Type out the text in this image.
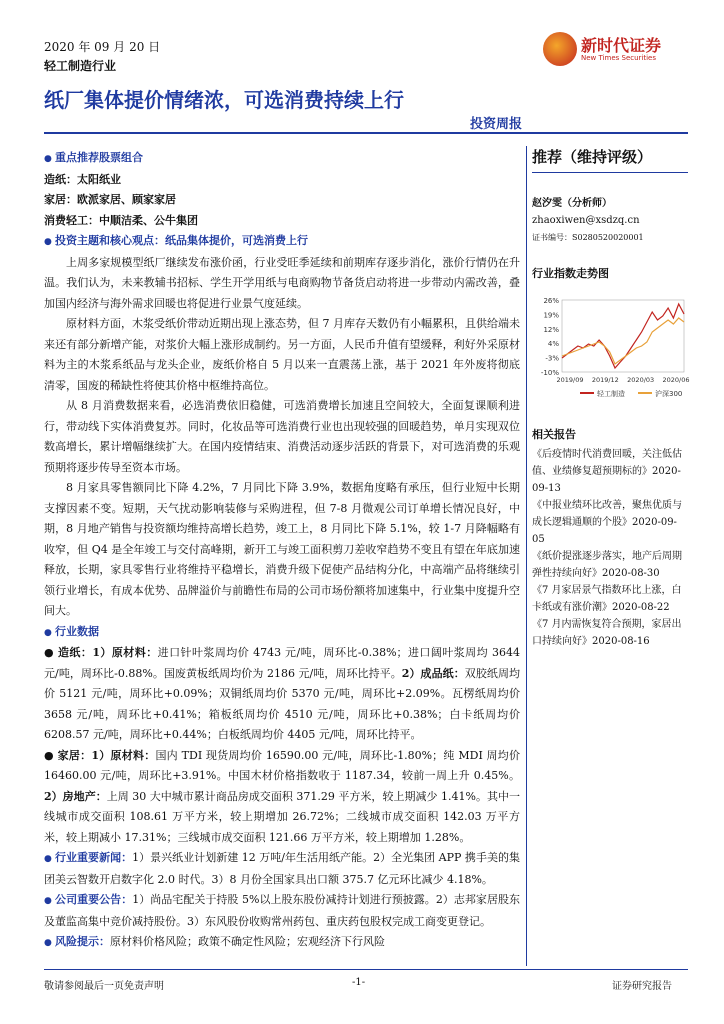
2020 年 09 月 20 日
轻工制造行业
纸厂集体提价情绪浓，可选消费持续上行
投资周报
新时代证券
New Times Securities
● 重点推荐股票组合

造纸：太阳纸业

家居：欧派家居、顾家家居

消费轻工：中顺洁柔、公牛集团

● 投资主题和核心观点：纸品集体提价，可选消费上行

上周多家规模型纸厂继续发布涨价函，行业受旺季延续和前期库存逐步消化，涨价行情仍在升温。我们认为，未来教辅书招标、学生开学用纸与电商购物节备货启动将进一步带动内需改善，叠加国内经济与海外需求回暖也将促进行业景气度延续。

原材料方面，木浆受纸价带动近期出现上涨态势，但 7 月库存天数仍有小幅累积，且供给端未来还有部分新增产能，对浆价大幅上涨形成制约。另一方面，人民币升值有望缓释，利好外采原材料为主的木浆系纸品与龙头企业，废纸价格自 5 月以来一直震荡上涨，基于 2021 年外废将彻底清零，国废的稀缺性将使其价格中枢维持高位。

从 8 月消费数据来看，必选消费依旧稳健，可选消费增长加速且空间较大，全面复课顺利进行，带动线下实体消费复苏。同时，化妆品等可选消费行业也出现较强的回暖趋势，单月实现双位数高增长，累计增幅继续扩大。在国内疫情结束、消费活动逐步活跃的背景下，对可选消费的乐观预期将逐步传导至资本市场。

8 月家具零售额同比下降 4.2%，7 月同比下降 3.9%，数据角度略有承压，但行业短中长期支撑因素不变。短期，天气扰动影响装修与采购进程，但 7-8 月微观公司订单增长情况良好，中期，8 月地产销售与投资额均维持高增长趋势，竣工上，8 月同比下降 5.1%，较 1-7 月降幅略有收窄，但 Q4 是全年竣工与交付高峰期，新开工与竣工面积剪刀差收窄趋势不变且有望在年底加速释放，长期，家具零售行业将维持平稳增长，消费升级下促使产品结构分化，中高端产品将继续引领行业增长，有成本优势、品牌溢价与前瞻性布局的公司市场份额将加速集中，行业集中度提升空间大。

● 行业数据

● 造纸：1）原材料：进口针叶浆周均价 4743 元/吨，周环比-0.38%；进口阔叶浆周均 3644 元/吨，周环比-0.88%。国废黄板纸周均价为 2186 元/吨，周环比持平。2）成品纸：双胶纸周均价 5121 元/吨，周环比+0.09%；双铜纸周均价 5370 元/吨，周环比+2.09%。瓦楞纸周均价 3658 元/吨，周环比+0.41%；箱板纸周均价 4510 元/吨，周环比+0.38%；白卡纸周均价 6208.57 元/吨，周环比+0.44%；白板纸周均价 4405 元/吨，周环比持平。

● 家居：1）原材料：国内 TDI 现货周均价 16590.00 元/吨，周环比-1.80%；纯 MDI 周均价 16460.00 元/吨，周环比+3.91%。中国木材价格指数收于 1187.34，较前一周上升 0.45%。2）房地产：上周 30 大中城市累计商品房成交面积 371.29 平方米，较上期减少 1.41%。其中一线城市成交面积 108.61 万平方米，较上期增加 26.72%；二线城市成交面积 142.03 万平方米，较上期减小 17.31%；三线城市成交面积 121.66 万平方米，较上期增加 1.28%。

● 行业重要新闻：1）景兴纸业计划新建 12 万吨/年生活用纸产能。2）全光集团 APP 携手美的集团美云智数开启数字化 2.0 时代。3）8 月份全国家具出口额 375.7 亿元环比减少 4.18%。

● 公司重要公告：1）尚品宅配关于持股 5%以上股东股份减持计划进行预披露。2）志邦家居股东及董监高集中竞价减持股份。3）东风股份收购常州药包、重庆药包股权完成工商变更登记。

● 风险提示：原材料价格风险；政策不确定性风险；宏观经济下行风险

推荐（维持评级）
赵汐雯（分析师）
zhaoxiwen@xsdzq.cn
证书编号：S0280520020001
行业指数走势图
26%
19%
12%
4%
-3%
-10%
2019/09 2019/12 2020/03 2020/06
轻工制造	沪深300
相关报告
《后疫情时代消费回暖，关注低估值、业绩修复超预期标的》2020-09-13
《中报业绩环比改善，聚焦优质与成长逻辑通顺的个股》2020-09-05
《纸价提涨逐步落实，地产后周期弹性持续向好》2020-08-30
《7 月家居景气指数环比上涨，白卡纸或有涨价潮》2020-08-22
《7 月内需恢复符合预期，家居出口持续向好》2020-08-16
敬请参阅最后一页免责声明	-1-	证券研究报告
